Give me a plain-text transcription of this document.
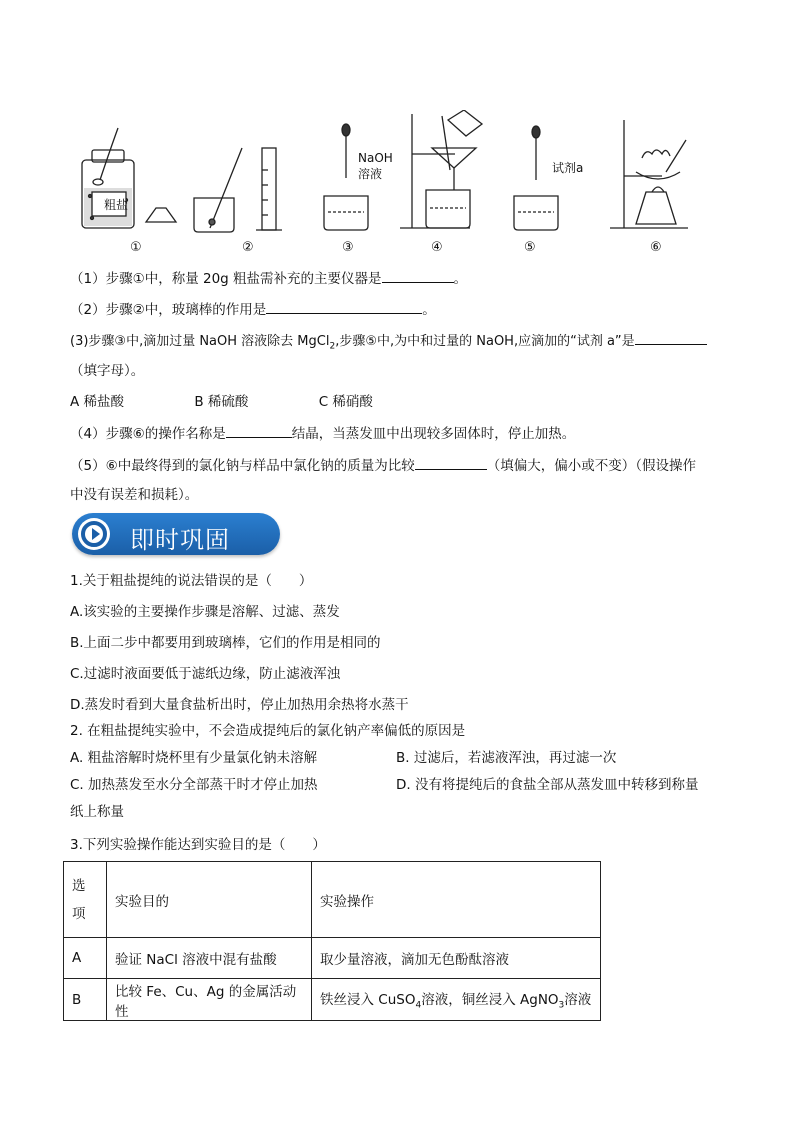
粗盐
①	②
NaOH
溶液
③	④
试剂a
⑤	⑥
（1）步骤①中，称量 20g 粗盐需补充的主要仪器是	。
（2）步骤②中，玻璃棒的作用是	。
(3)步骤③中,滴加过量 NaOH 溶液除去 MgCl$_2$,步骤⑤中,为中和过量的 NaOH,应滴加的“试剂 a”是
（填字母）。
A 稀盐酸	B 稀硫酸	C 稀硝酸
（4）步骤⑥的操作名称是	结晶，当蒸发皿中出现较多固体时，停止加热。
（5）⑥中最终得到的氯化钠与样品中氯化钠的质量为比较	（填偏大，偏小或不变）（假设操作
中没有误差和损耗）。
即时巩固
1.关于粗盐提纯的说法错误的是（　　）
A.该实验的主要操作步骤是溶解、过滤、蒸发
B.上面二步中都要用到玻璃棒，它们的作用是相同的
C.过滤时液面要低于滤纸边缘，防止滤液浑浊
D.蒸发时看到大量食盐析出时，停止加热用余热将水蒸干
2. 在粗盐提纯实验中，不会造成提纯后的氯化钠产率偏低的原因是
A. 粗盐溶解时烧杯里有少量氯化钠未溶解	B. 过滤后，若滤液浑浊，再过滤一次
C. 加热蒸发至水分全部蒸干时才停止加热	D. 没有将提纯后的食盐全部从蒸发皿中转移到称量
纸上称量
3.下列实验操作能达到实验目的是（　　）
选
项	实验目的	实验操作
A	验证 NaCl 溶液中混有盐酸	取少量溶液，滴加无色酚酞溶液
B	比较 Fe、Cu、Ag 的金属活动性	铁丝浸入 CuSO$_4$溶液，铜丝浸入 AgNO$_3$溶液
